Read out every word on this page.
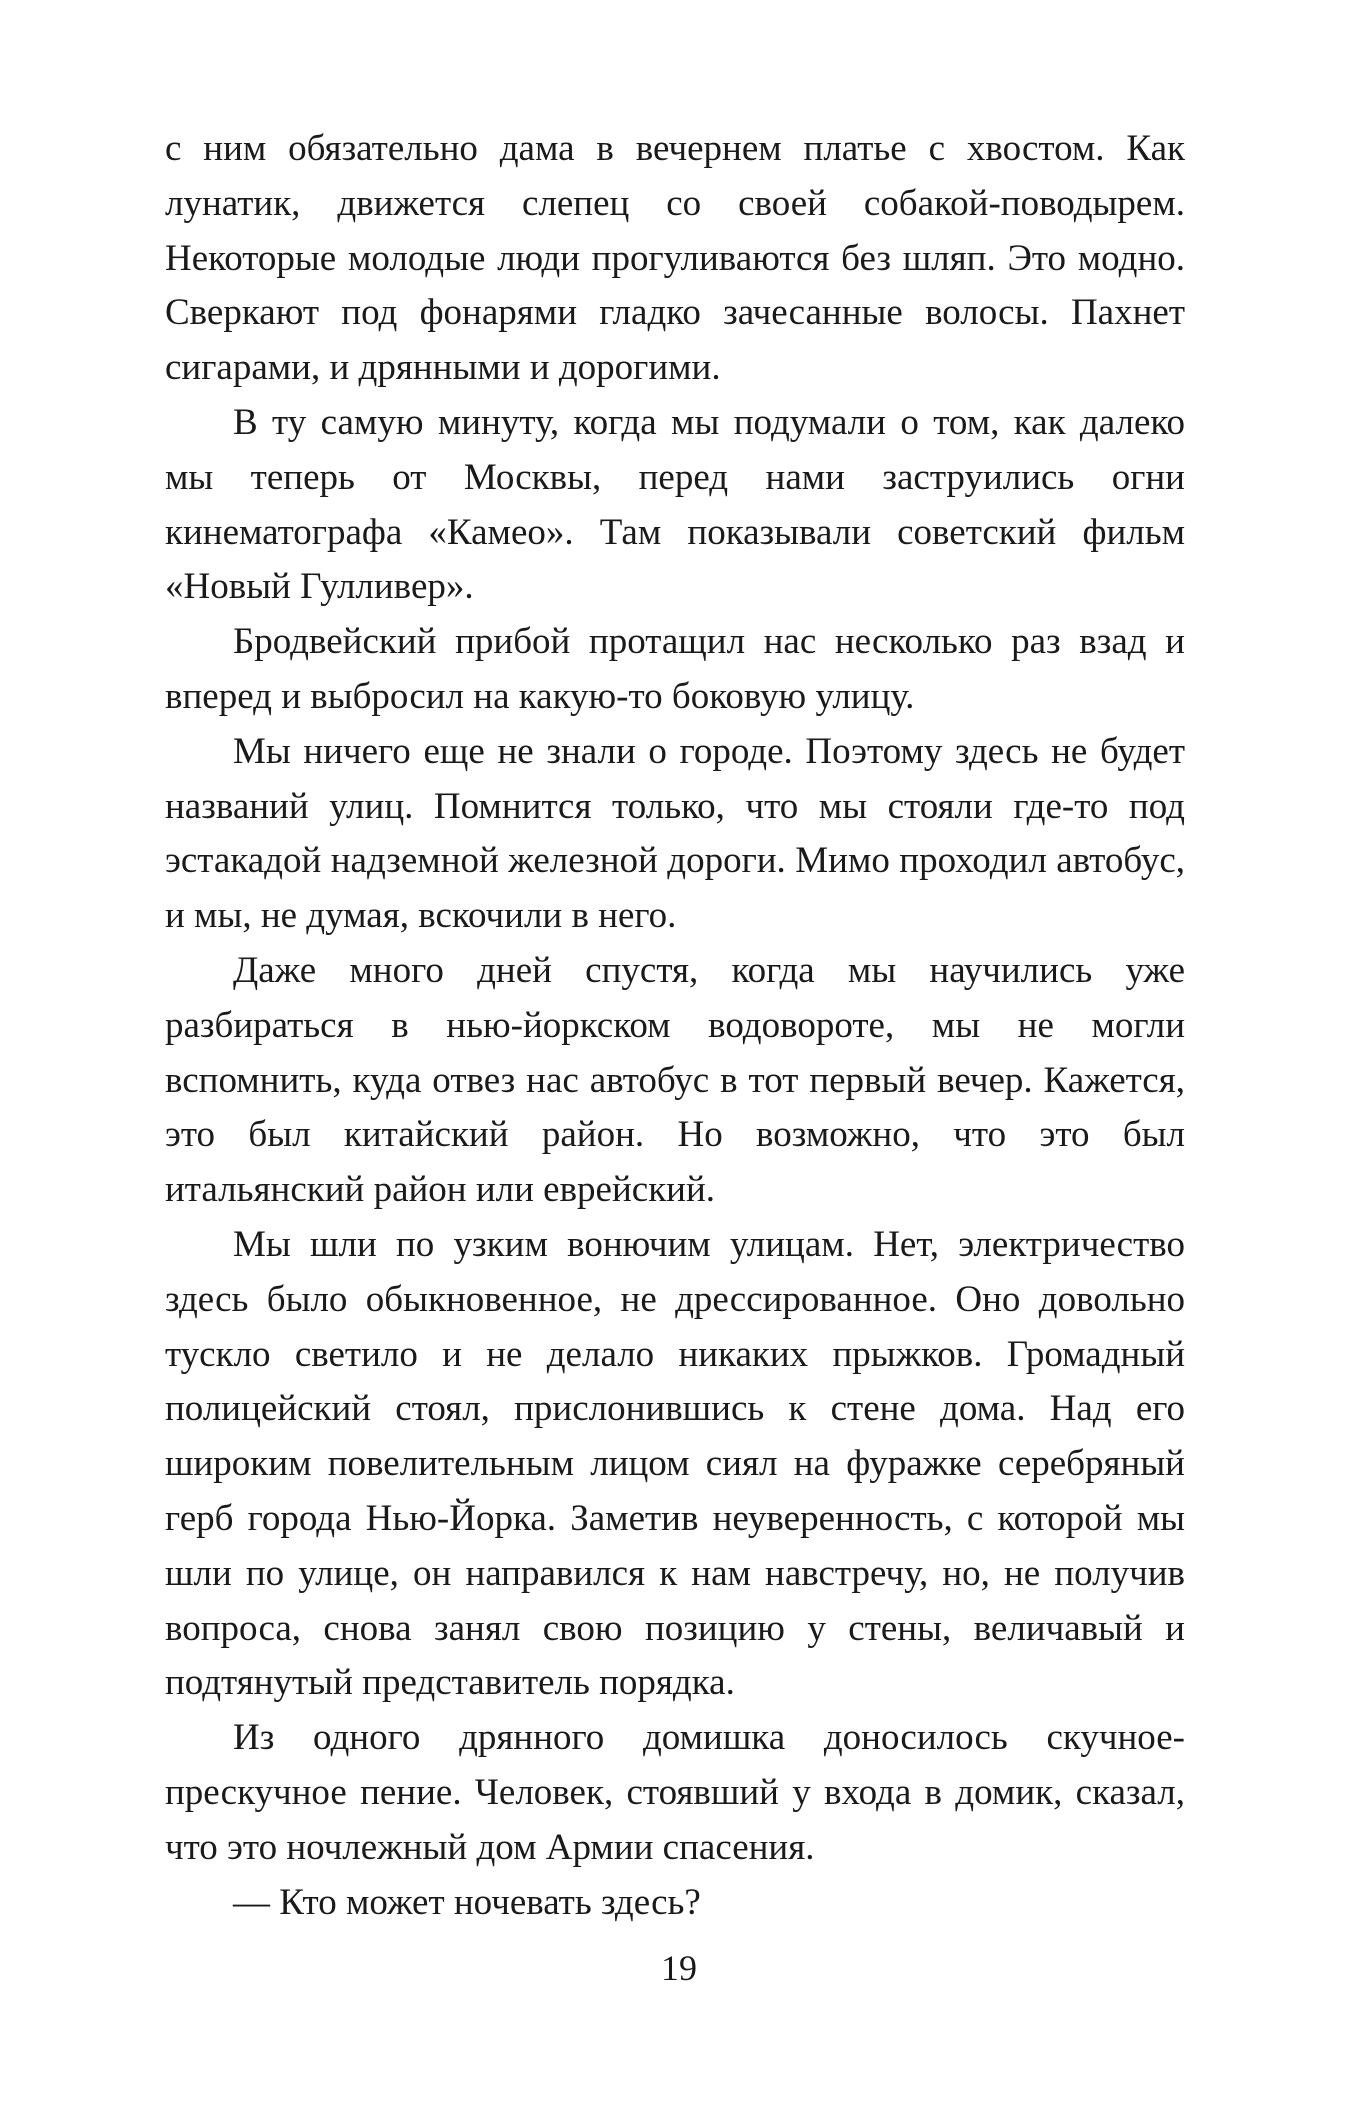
с ним обязательно дама в вечернем платье с хвостом. Как лунатик, движется слепец со своей собакой-поводырем. Некоторые молодые люди прогуливаются без шляп. Это модно. Сверкают под фонарями гладко зачесанные волосы. Пахнет сигарами, и дрянными и дорогими.

В ту самую минуту, когда мы подумали о том, как далеко мы теперь от Москвы, перед нами заструились огни кинематографа «Камео». Там показывали советский фильм «Новый Гулливер».

Бродвейский прибой протащил нас несколько раз взад и вперед и выбросил на какую-то боковую улицу.

Мы ничего еще не знали о городе. Поэтому здесь не будет названий улиц. Помнится только, что мы стояли где-то под эстакадой надземной железной дороги. Мимо проходил автобус, и мы, не думая, вскочили в него.

Даже много дней спустя, когда мы научились уже разбираться в нью-йоркском водовороте, мы не могли вспомнить, куда отвез нас автобус в тот первый вечер. Кажется, это был китайский район. Но возможно, что это был итальянский район или еврейский.

Мы шли по узким вонючим улицам. Нет, электричество здесь было обыкновенное, не дрессированное. Оно довольно тускло светило и не делало никаких прыжков. Громадный полицейский стоял, прислонившись к стене дома. Над его широким повелительным лицом сиял на фуражке серебряный герб города Нью-Йорка. Заметив неуверенность, с которой мы шли по улице, он направился к нам навстречу, но, не получив вопроса, снова занял свою позицию у стены, величавый и подтянутый представитель порядка.

Из одного дрянного домишка доносилось скучное-прескучное пение. Человек, стоявший у входа в домик, сказал, что это ночлежный дом Армии спасения.

— Кто может ночевать здесь?

19
